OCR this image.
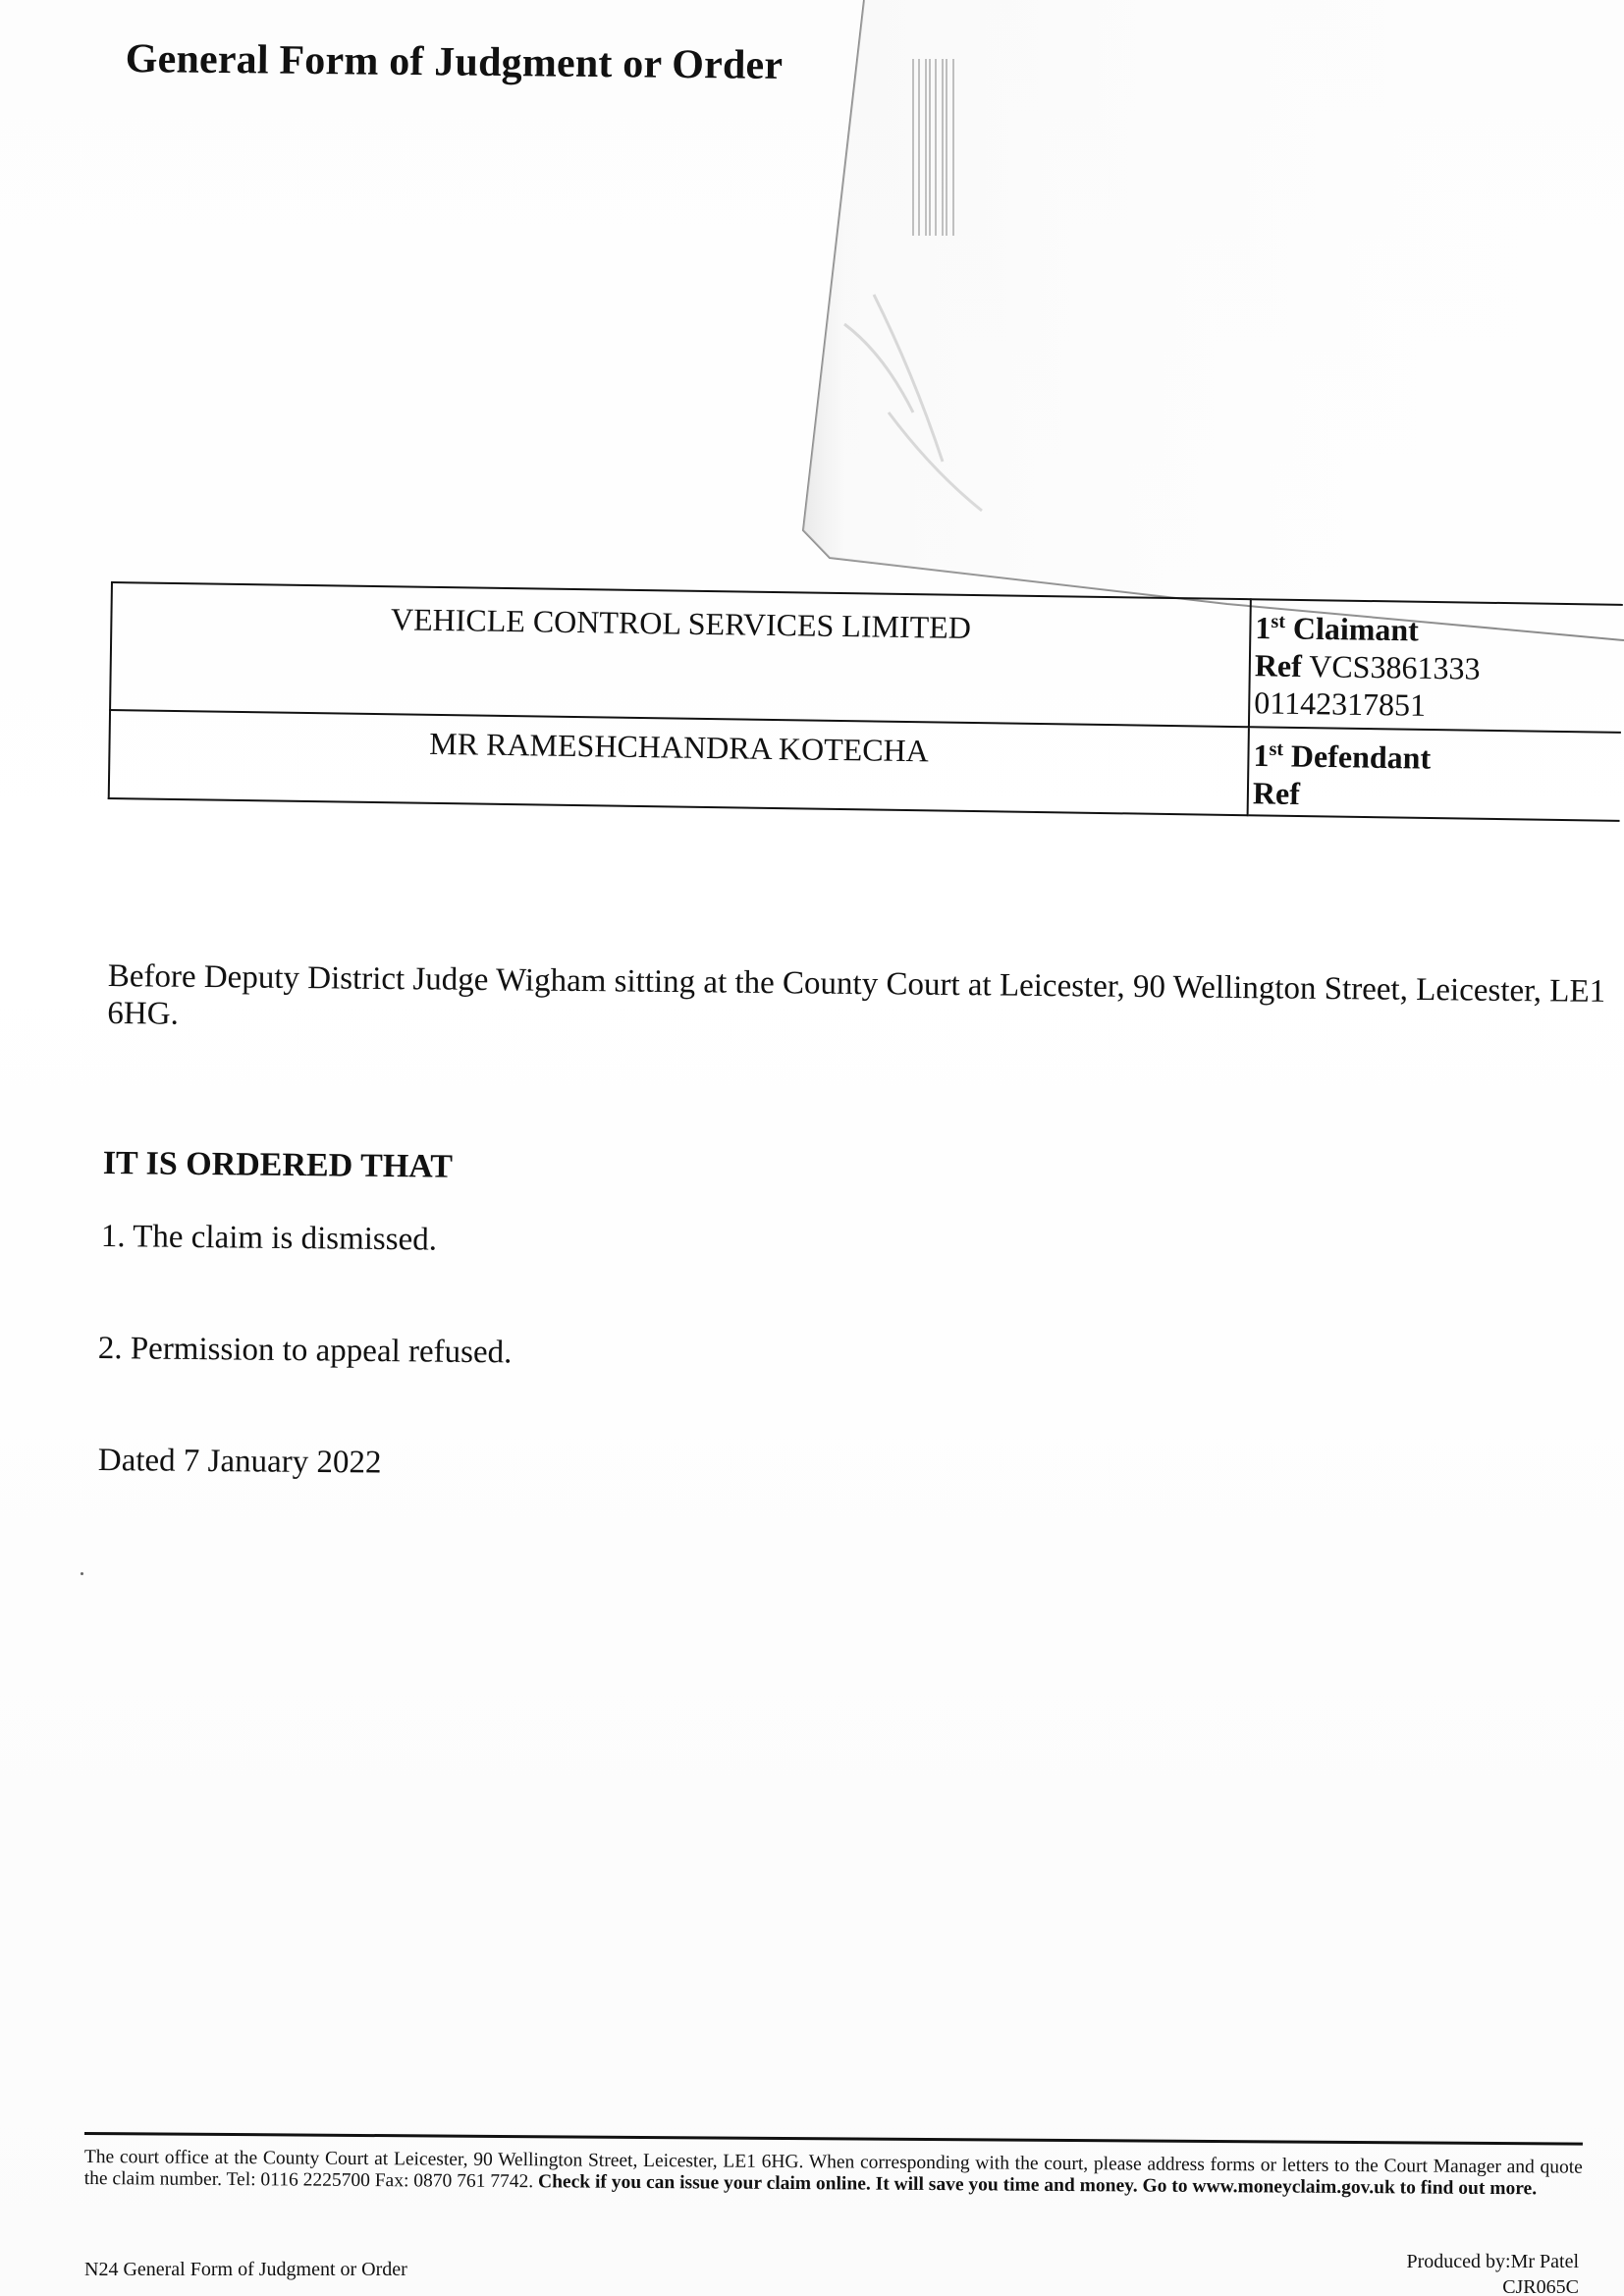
General Form of Judgment or Order
VEHICLE CONTROL SERVICES LIMITED	1st Claimant
Ref VCS3861333
01142317851

MR RAMESHCHANDRA KOTECHA	1st Defendant
Ref
Before Deputy District Judge Wigham sitting at the County Court at Leicester, 90 Wellington Street, Leicester, LE1 6HG.
IT IS ORDERED THAT
1. The claim is dismissed.
2. Permission to appeal refused.
Dated 7 January 2022
The court office at the County Court at Leicester, 90 Wellington Street, Leicester, LE1 6HG. When corresponding with the court, please address forms or letters to the Court Manager and quote the claim number. Tel: 0116 2225700 Fax: 0870 761 7742. Check if you can issue your claim online. It will save you time and money. Go to www.moneyclaim.gov.uk to find out more.
N24 General Form of Judgment or Order	Produced by:Mr Patel
CJR065C
